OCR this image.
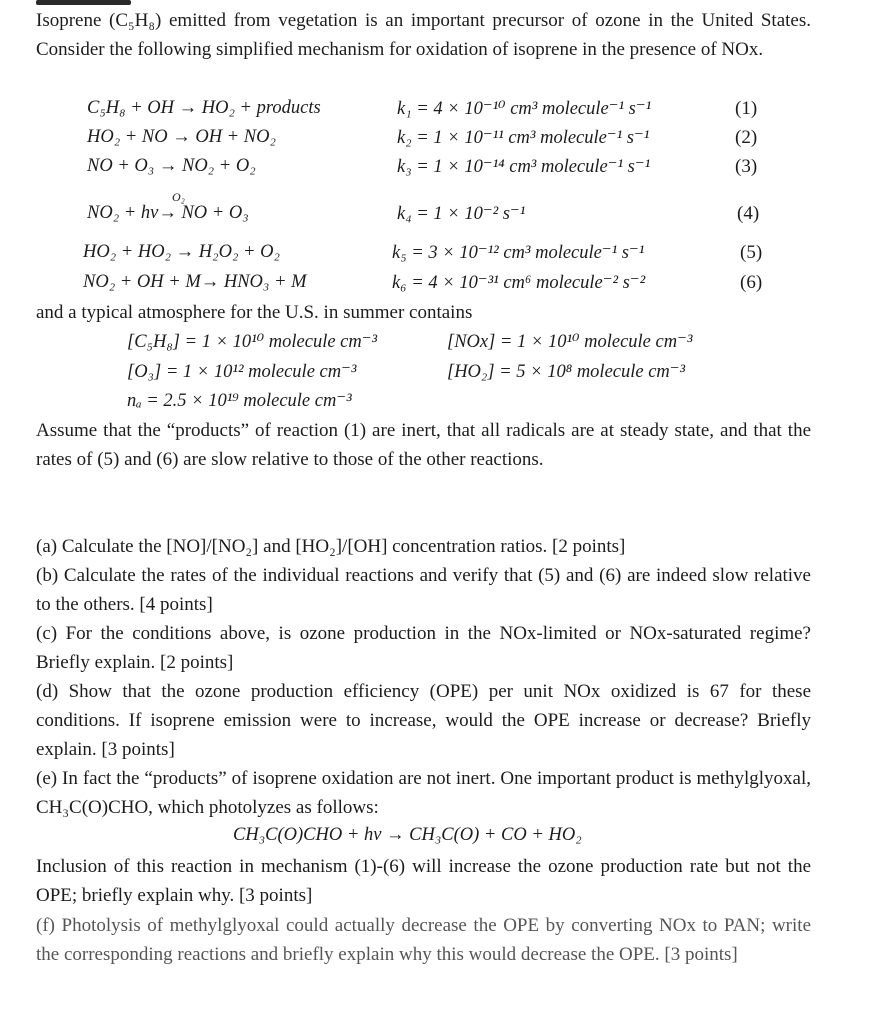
Isoprene (C₅H₈) emitted from vegetation is an important precursor of ozone in the United States. Consider the following simplified mechanism for oxidation of isoprene in the presence of NOx.

C₅H₈ + OH → HO₂ + products	k₁ = 4 × 10⁻¹⁰ cm³ molecule⁻¹ s⁻¹	(1)
HO₂ + NO → OH + NO₂	k₂ = 1 × 10⁻¹¹ cm³ molecule⁻¹ s⁻¹	(2)
NO + O₃ → NO₂ + O₂	k₃ = 1 × 10⁻¹⁴ cm³ molecule⁻¹ s⁻¹	(3)
O₂
NO₂ + hv→ NO + O₃	k₄ = 1 × 10⁻² s⁻¹	(4)
HO₂ + HO₂ → H₂O₂ + O₂	k₅ = 3 × 10⁻¹² cm³ molecule⁻¹ s⁻¹	(5)
NO₂ + OH + M→ HNO₃ + M	k₆ = 4 × 10⁻³¹ cm⁶ molecule⁻² s⁻²	(6)
and a typical atmosphere for the U.S. in summer contains
[C₅H₈] = 1 × 10¹⁰ molecule cm⁻³	[NOx] = 1 × 10¹⁰ molecule cm⁻³
[O₃] = 1 × 10¹² molecule cm⁻³	[HO₂] = 5 × 10⁸ molecule cm⁻³
nₐ = 2.5 × 10¹⁹ molecule cm⁻³

Assume that the “products” of reaction (1) are inert, that all radicals are at steady state, and that the rates of (5) and (6) are slow relative to those of the other reactions.

(a) Calculate the [NO]/[NO₂] and [HO₂]/[OH] concentration ratios. [2 points]

(b) Calculate the rates of the individual reactions and verify that (5) and (6) are indeed slow relative to the others. [4 points]

(c) For the conditions above, is ozone production in the NOx-limited or NOx-saturated regime? Briefly explain. [2 points]

(d) Show that the ozone production efficiency (OPE) per unit NOx oxidized is 67 for these conditions. If isoprene emission were to increase, would the OPE increase or decrease? Briefly explain. [3 points]

(e) In fact the “products” of isoprene oxidation are not inert. One important product is methylglyoxal, CH₃C(O)CHO, which photolyzes as follows:

CH₃C(O)CHO + hv → CH₃C(O) + CO + HO₂

Inclusion of this reaction in mechanism (1)-(6) will increase the ozone production rate but not the OPE; briefly explain why. [3 points]

(f) Photolysis of methylglyoxal could actually decrease the OPE by converting NOx to PAN; write the corresponding reactions and briefly explain why this would decrease the OPE. [3 points]
